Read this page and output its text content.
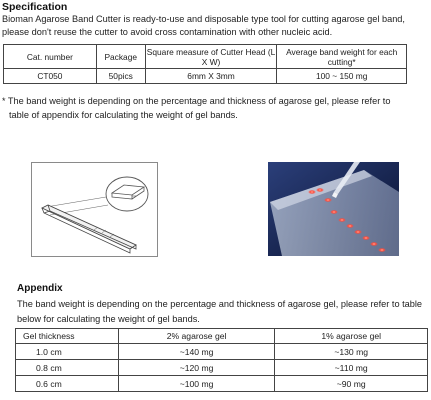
Specification
Bioman Agarose Band Cutter is ready-to-use and disposable type tool for cutting agarose gel band,
please don't reuse the cutter to avoid cross contamination with other nucleic acid.
Cat. number	Package	Square measure of Cutter Head (L X W)	Average band weight for each cutting*
CT050	50pics	6mm X 3mm	100 ~ 150 mg
* The band weight is depending on the percentage and thickness of agarose gel, please refer to
table of appendix for calculating the weight of gel bands.
Appendix
The band weight is depending on the percentage and thickness of agarose gel, please refer to table
below for calculating the weight of gel bands.
Gel thickness	2% agarose gel	1% agarose gel
1.0 cm	~140 mg	~130 mg
0.8 cm	~120 mg	~110 mg
0.6 cm	~100 mg	~90 mg
